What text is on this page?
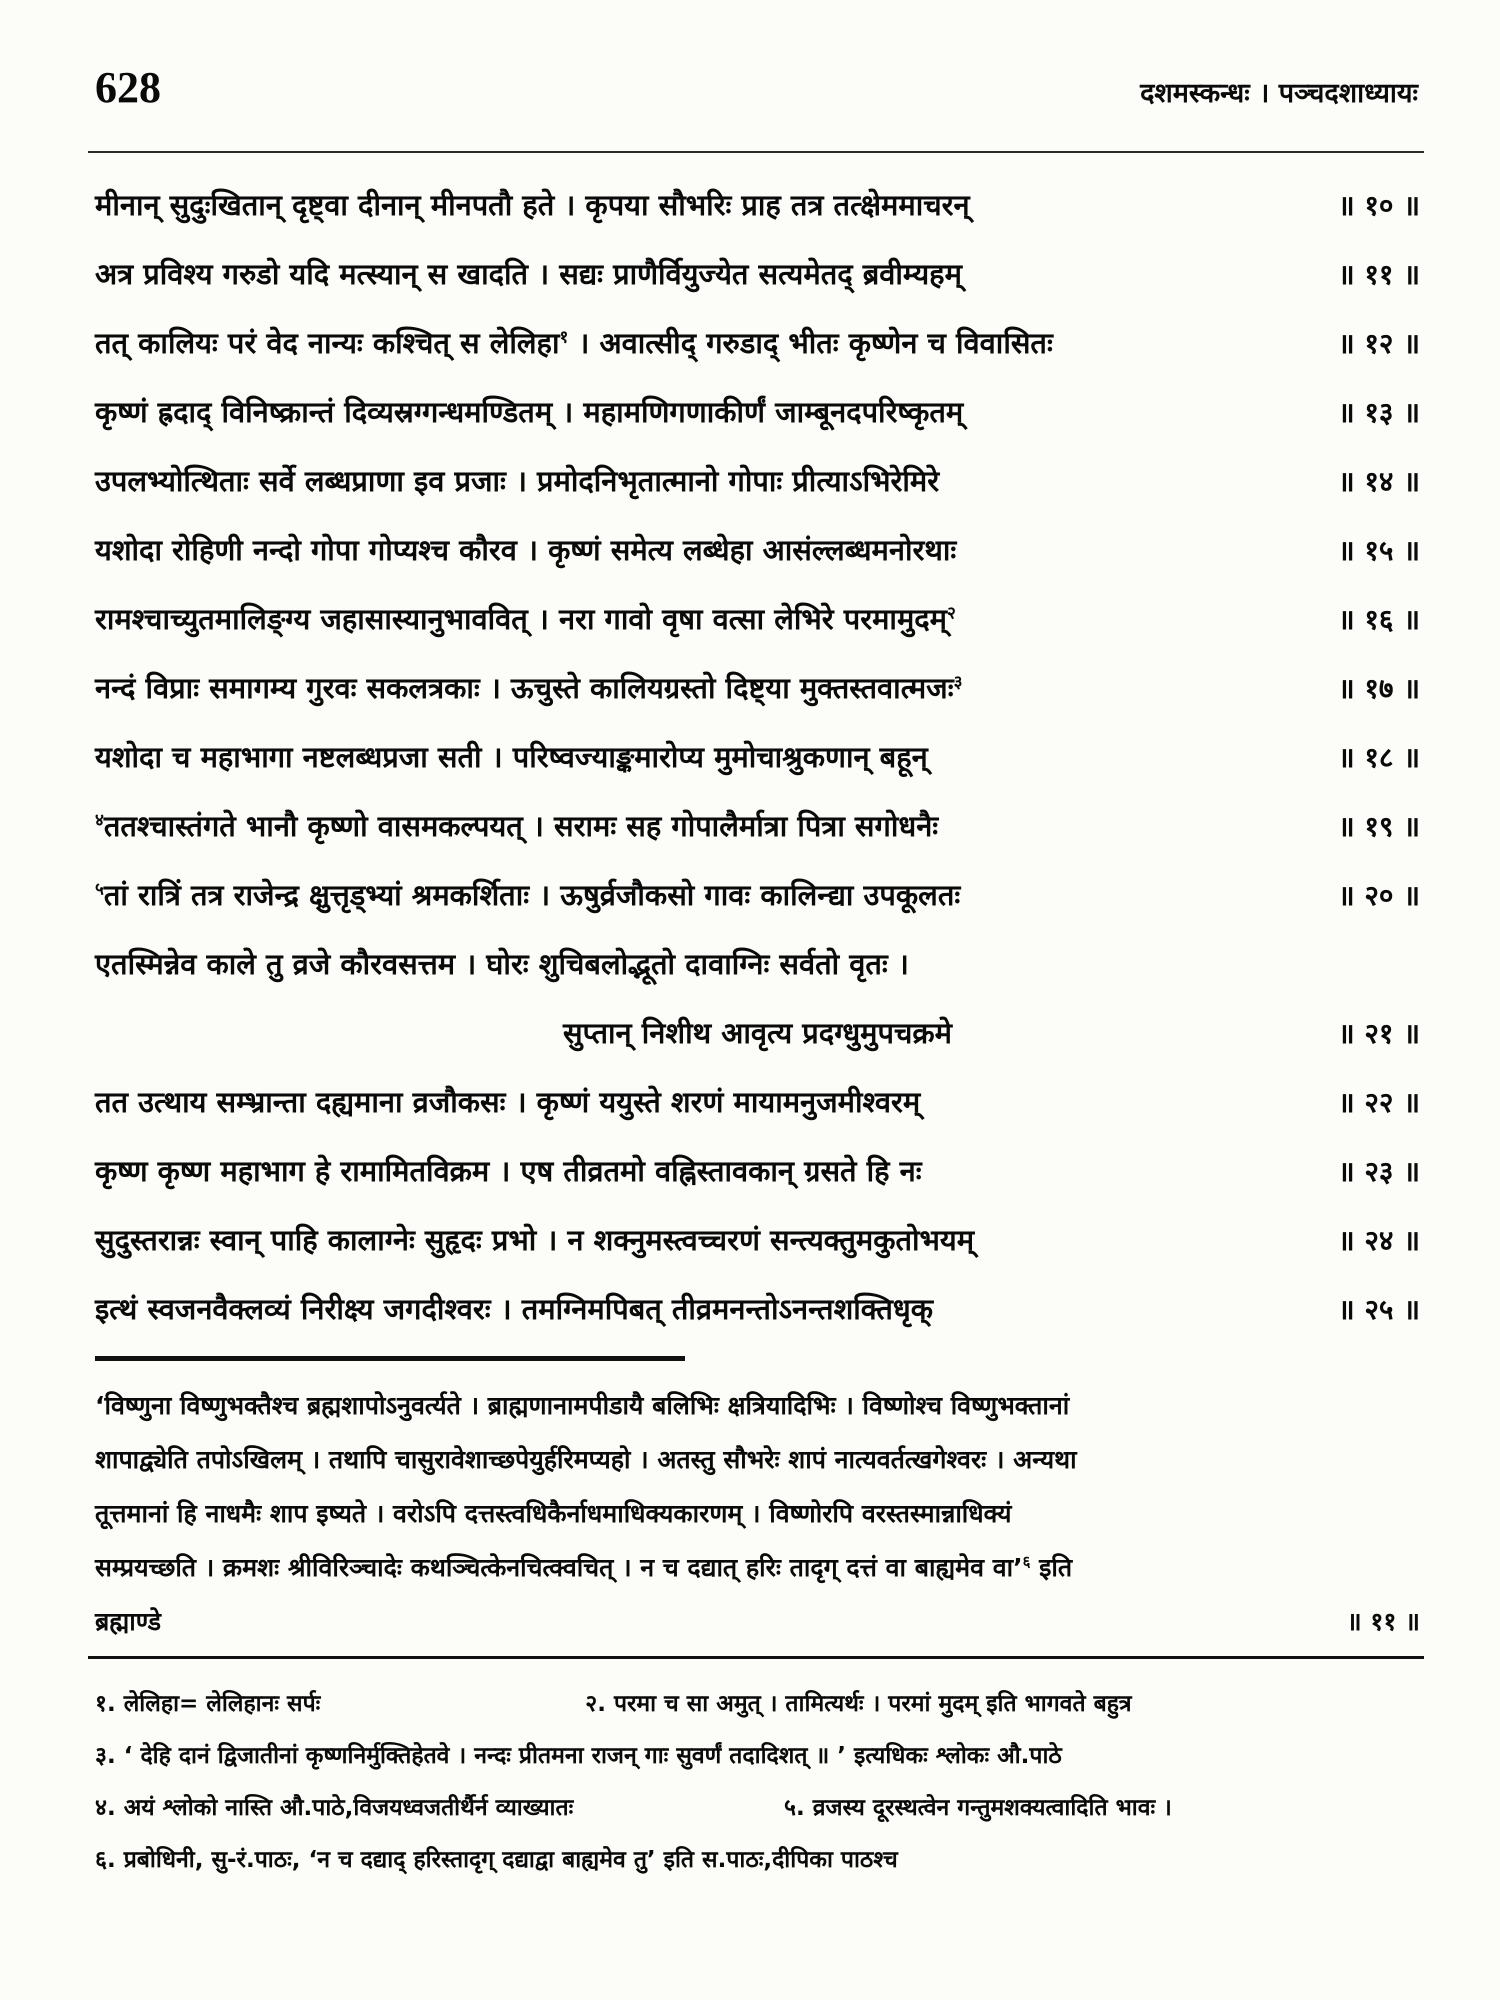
628	दशमस्कन्धः । पञ्चदशाध्यायः
मीनान् सुदुःखितान् दृष्ट्वा दीनान् मीनपतौ हते । कृपया सौभरिः प्राह तत्र तत्क्षेममाचरन्	॥ १० ॥
अत्र प्रविश्य गरुडो यदि मत्स्यान् स खादति । सद्यः प्राणैर्वियुज्येत सत्यमेतद् ब्रवीम्यहम्	॥ ११ ॥
तत् कालियः परं वेद नान्यः कश्चित् स लेलिहा$^१$ । अवात्सीद् गरुडाद् भीतः कृष्णेन च विवासितः	॥ १२ ॥
कृष्णं ह्रदाद् विनिष्क्रान्तं दिव्यस्रग्गन्धमण्डितम् । महामणिगणाकीर्णं जाम्बूनदपरिष्कृतम्	॥ १३ ॥
उपलभ्योत्थिताः सर्वे लब्धप्राणा इव प्रजाः । प्रमोदनिभृतात्मानो गोपाः प्रीत्याऽभिरेमिरे	॥ १४ ॥
यशोदा रोहिणी नन्दो गोपा गोप्यश्च कौरव । कृष्णं समेत्य लब्धेहा आसंल्लब्धमनोरथाः	॥ १५ ॥
रामश्चाच्युतमालिङ्ग्य जहासास्यानुभाववित् । नरा गावो वृषा वत्सा लेभिरे परमामुदम्$^२$	॥ १६ ॥
नन्दं विप्राः समागम्य गुरवः सकलत्रकाः । ऊचुस्ते कालियग्रस्तो दिष्ट्या मुक्तस्तवात्मजः$^३$	॥ १७ ॥
यशोदा च महाभागा नष्टलब्धप्रजा सती । परिष्वज्याङ्कमारोप्य मुमोचाश्रुकणान् बहून्	॥ १८ ॥
$^४$ततश्चास्तंगते भानौ कृष्णो वासमकल्पयत् । सरामः सह गोपालैर्मात्रा पित्रा सगोधनैः	॥ १९ ॥
$^५$तां रात्रिं तत्र राजेन्द्र क्षुत्तृड्भ्यां श्रमकर्शिताः । ऊषुर्व्रजौकसो गावः कालिन्द्या उपकूलतः	॥ २० ॥
एतस्मिन्नेव काले तु व्रजे कौरवसत्तम । घोरः शुचिबलोद्भूतो दावाग्निः सर्वतो वृतः ।
सुप्तान् निशीथ आवृत्य प्रदग्धुमुपचक्रमे	॥ २१ ॥
तत उत्थाय सम्भ्रान्ता दह्यमाना व्रजौकसः । कृष्णं ययुस्ते शरणं मायामनुजमीश्वरम्	॥ २२ ॥
कृष्ण कृष्ण महाभाग हे रामामितविक्रम । एष तीव्रतमो वह्निस्तावकान् ग्रसते हि नः	॥ २३ ॥
सुदुस्तरान्नः स्वान् पाहि कालाग्नेः सुहृदः प्रभो । न शक्नुमस्त्वच्चरणं सन्त्यक्तुमकुतोभयम्	॥ २४ ॥
इत्थं स्वजनवैक्लव्यं निरीक्ष्य जगदीश्वरः । तमग्निमपिबत् तीव्रमनन्तोऽनन्तशक्तिधृक्	॥ २५ ॥
‘विष्णुना विष्णुभक्तैश्च ब्रह्मशापोऽनुवर्त्यते । ब्राह्मणानामपीडायै बलिभिः क्षत्रियादिभिः । विष्णोश्च विष्णुभक्तानां
शापाद्व्येति तपोऽखिलम् । तथापि चासुरावेशाच्छपेयुर्हरिमप्यहो । अतस्तु सौभरेः शापं नात्यवर्तत्खगेश्वरः । अन्यथा
तूत्तमानां हि नाधमैः शाप इष्यते । वरोऽपि दत्तस्त्वधिकैर्नाधमाधिक्यकारणम् । विष्णोरपि वरस्तस्मान्नाधिक्यं
सम्प्रयच्छति । क्रमशः श्रीविरिञ्चादेः कथञ्चित्केनचित्क्वचित् । न च दद्यात् हरिः तादृग् दत्तं वा बाह्यमेव वा’$^६$ इति
ब्रह्माण्डे	॥ ११ ॥
१. लेलिहा= लेलिहानः सर्पः	२. परमा च सा अमुत् । तामित्यर्थः । परमां मुदम् इति भागवते बहुत्र
३. ‘ देहि दानं द्विजातीनां कृष्णनिर्मुक्तिहेतवे । नन्दः प्रीतमना राजन् गाः सुवर्णं तदादिशत् ॥ ’ इत्यधिकः श्लोकः औ.पाठे
४. अयं श्लोको नास्ति औ.पाठे,विजयध्वजतीर्थैर्न व्याख्यातः	५. व्रजस्य दूरस्थत्वेन गन्तुमशक्यत्वादिति भावः ।
६. प्रबोधिनी, सु-रं.पाठः, ‘न च दद्याद् हरिस्तादृग् दद्याद्वा बाह्यमेव तु’ इति स.पाठः,दीपिका पाठश्च
